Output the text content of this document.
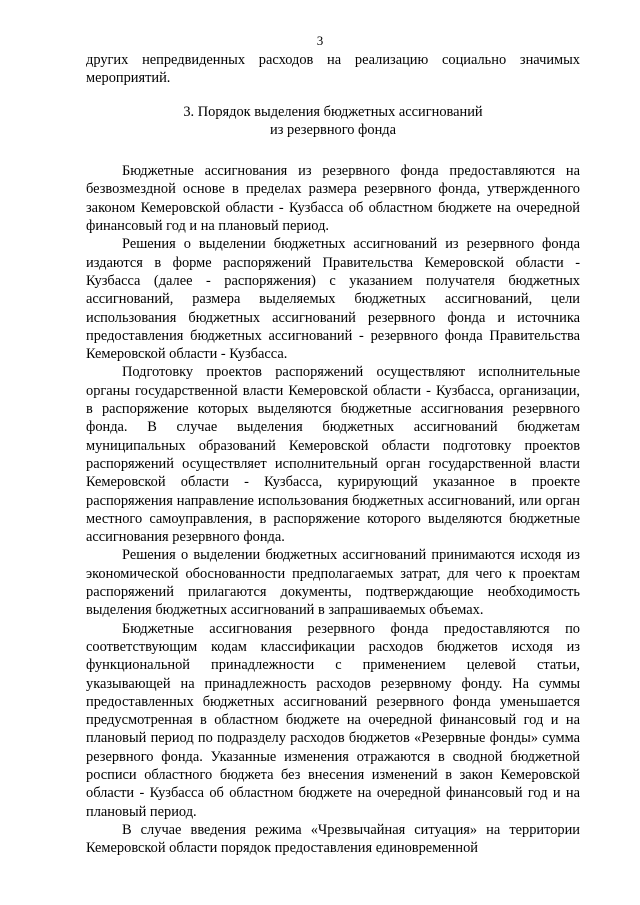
3

других непредвиденных расходов на реализацию социально значимых мероприятий.

3. Порядок выделения бюджетных ассигнований
из резервного фонда

Бюджетные ассигнования из резервного фонда предоставляются на безвозмездной основе в пределах размера резервного фонда, утвержденного законом Кемеровской области - Кузбасса об областном бюджете на очередной финансовый год и на плановый период.

Решения о выделении бюджетных ассигнований из резервного фонда издаются в форме распоряжений Правительства Кемеровской области - Кузбасса (далее - распоряжения) с указанием получателя бюджетных ассигнований, размера выделяемых бюджетных ассигнований, цели использования бюджетных ассигнований резервного фонда и источника предоставления бюджетных ассигнований - резервного фонда Правительства Кемеровской области - Кузбасса.

Подготовку проектов распоряжений осуществляют исполнительные органы государственной власти Кемеровской области - Кузбасса, организации, в распоряжение которых выделяются бюджетные ассигнования резервного фонда. В случае выделения бюджетных ассигнований бюджетам муниципальных образований Кемеровской области подготовку проектов распоряжений осуществляет исполнительный орган государственной власти Кемеровской области - Кузбасса, курирующий указанное в проекте распоряжения направление использования бюджетных ассигнований, или орган местного самоуправления, в распоряжение которого выделяются бюджетные ассигнования резервного фонда.

Решения о выделении бюджетных ассигнований принимаются исходя из экономической обоснованности предполагаемых затрат, для чего к проектам распоряжений прилагаются документы, подтверждающие необходимость выделения бюджетных ассигнований в запрашиваемых объемах.

Бюджетные ассигнования резервного фонда предоставляются по соответствующим кодам классификации расходов бюджетов исходя из функциональной принадлежности с применением целевой статьи, указывающей на принадлежность расходов резервному фонду. На суммы предоставленных бюджетных ассигнований резервного фонда уменьшается предусмотренная в областном бюджете на очередной финансовый год и на плановый период по подразделу расходов бюджетов «Резервные фонды» сумма резервного фонда. Указанные изменения отражаются в сводной бюджетной росписи областного бюджета без внесения изменений в закон Кемеровской области - Кузбасса об областном бюджете на очередной финансовый год и на плановый период.

В случае введения режима «Чрезвычайная ситуация» на территории Кемеровской области порядок предоставления единовременной
